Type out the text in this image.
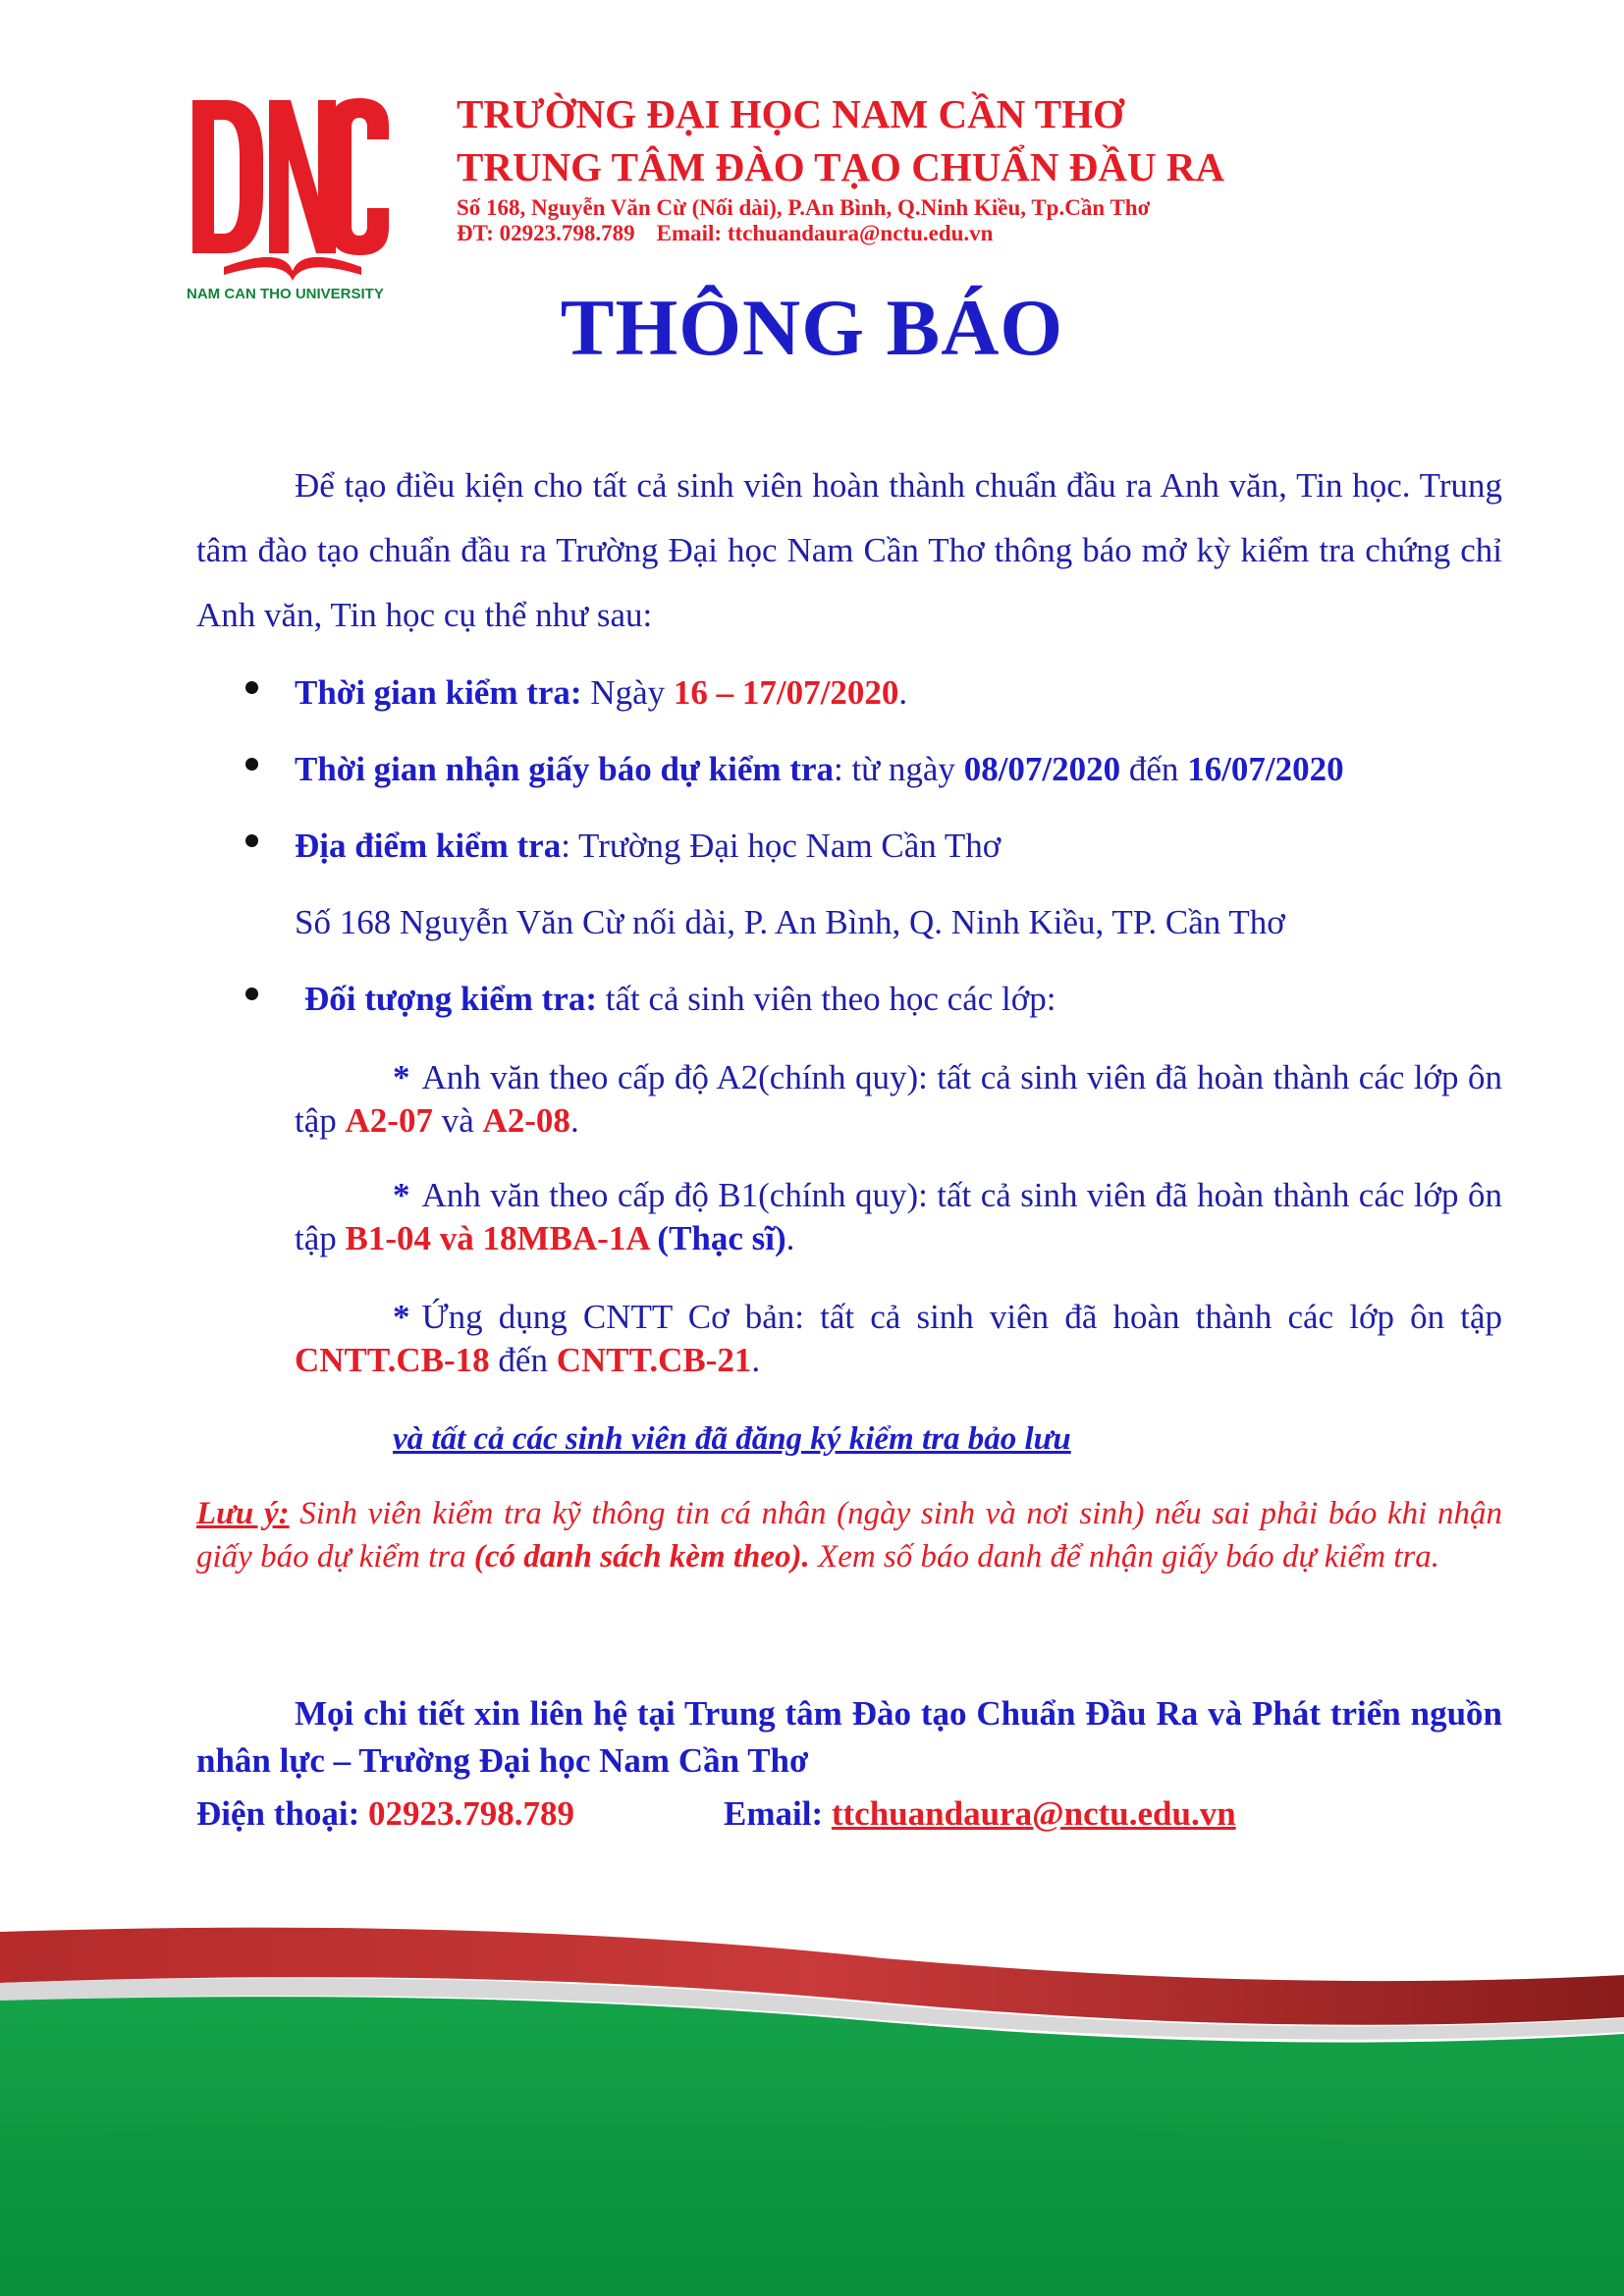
NAM CAN THO UNIVERSITY
TRƯỜNG ĐẠI HỌC NAM CẦN THƠ
TRUNG TÂM ĐÀO TẠO CHUẨN ĐẦU RA
Số 168, Nguyễn Văn Cừ (Nối dài), P.An Bình, Q.Ninh Kiều, Tp.Cần Thơ
ĐT: 02923.798.789 Email: ttchuandaura@nctu.edu.vn
THÔNG BÁO
Để tạo điều kiện cho tất cả sinh viên hoàn thành chuẩn đầu ra Anh văn, Tin học. Trung tâm đào tạo chuẩn đầu ra Trường Đại học Nam Cần Thơ thông báo mở kỳ kiểm tra chứng chỉ Anh văn, Tin học cụ thể như sau:
Thời gian kiểm tra: Ngày 16 – 17/07/2020.
Thời gian nhận giấy báo dự kiểm tra: từ ngày 08/07/2020 đến 16/07/2020
Địa điểm kiểm tra: Trường Đại học Nam Cần Thơ
Số 168 Nguyễn Văn Cừ nối dài, P. An Bình, Q. Ninh Kiều, TP. Cần Thơ
Đối tượng kiểm tra: tất cả sinh viên theo học các lớp:
* Anh văn theo cấp độ A2(chính quy): tất cả sinh viên đã hoàn thành các lớp ôn tập A2-07 và A2-08.
* Anh văn theo cấp độ B1(chính quy): tất cả sinh viên đã hoàn thành các lớp ôn tập B1-04 và 18MBA-1A (Thạc sĩ).
* Ứng dụng CNTT Cơ bản: tất cả sinh viên đã hoàn thành các lớp ôn tập CNTT.CB-18 đến CNTT.CB-21.
và tất cả các sinh viên đã đăng ký kiểm tra bảo lưu
Lưu ý: Sinh viên kiểm tra kỹ thông tin cá nhân (ngày sinh và nơi sinh) nếu sai phải báo khi nhận giấy báo dự kiểm tra (có danh sách kèm theo). Xem số báo danh để nhận giấy báo dự kiểm tra.
Mọi chi tiết xin liên hệ tại Trung tâm Đào tạo Chuẩn Đầu Ra và Phát triển nguồn nhân lực – Trường Đại học Nam Cần Thơ
Điện thoại: 02923.798.789	Email: ttchuandaura@nctu.edu.vn
